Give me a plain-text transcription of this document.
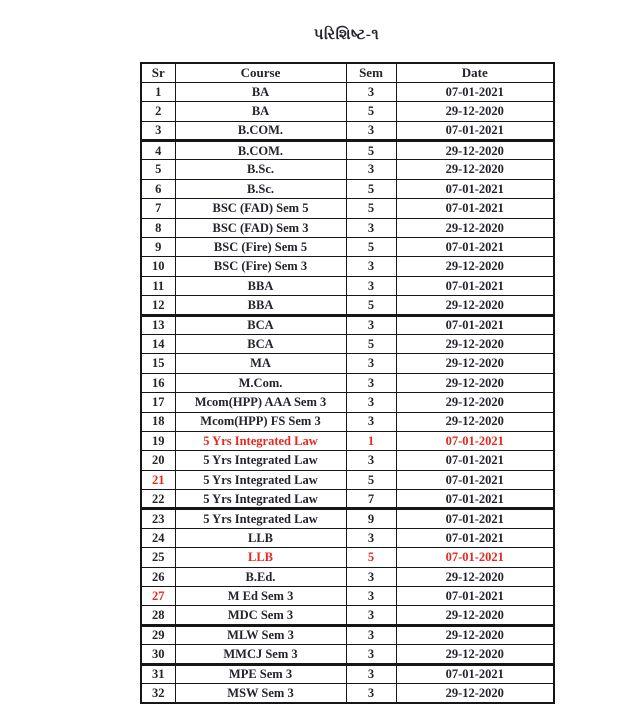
પરિશિષ્ટ-૧
Sr	Course	Sem	Date
1	BA	3	07-01-2021
2	BA	5	29-12-2020
3	B.COM.	3	07-01-2021
4	B.COM.	5	29-12-2020
5	B.Sc.	3	29-12-2020
6	B.Sc.	5	07-01-2021
7	BSC (FAD) Sem 5	5	07-01-2021
8	BSC (FAD) Sem 3	3	29-12-2020
9	BSC (Fire) Sem 5	5	07-01-2021
10	BSC (Fire) Sem 3	3	29-12-2020
11	BBA	3	07-01-2021
12	BBA	5	29-12-2020
13	BCA	3	07-01-2021
14	BCA	5	29-12-2020
15	MA	3	29-12-2020
16	M.Com.	3	29-12-2020
17	Mcom(HPP) AAA Sem 3	3	29-12-2020
18	Mcom(HPP) FS Sem 3	3	29-12-2020
19	5 Yrs Integrated Law	1	07-01-2021
20	5 Yrs Integrated Law	3	07-01-2021
21	5 Yrs Integrated Law	5	07-01-2021
22	5 Yrs Integrated Law	7	07-01-2021
23	5 Yrs Integrated Law	9	07-01-2021
24	LLB	3	07-01-2021
25	LLB	5	07-01-2021
26	B.Ed.	3	29-12-2020
27	M Ed Sem 3	3	07-01-2021
28	MDC Sem 3	3	29-12-2020
29	MLW Sem 3	3	29-12-2020
30	MMCJ Sem 3	3	29-12-2020
31	MPE Sem 3	3	07-01-2021
32	MSW Sem 3	3	29-12-2020
